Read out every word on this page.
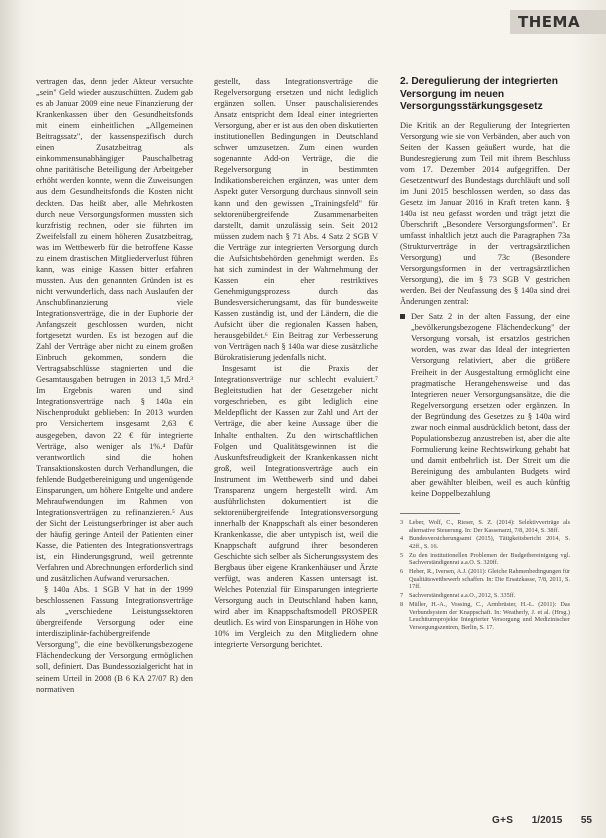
THEMA

vertragen das, denn jeder Akteur versuchte „sein" Geld wieder auszuschütten. Zudem gab es ab Januar 2009 eine neue Finanzierung der Krankenkassen über den Gesundheitsfonds mit einem einheitlichen „Allgemeinen Beitragssatz", der kassenspezifisch durch einen Zusatzbeitrag als einkommensunabhängiger Pauschalbetrag ohne paritätische Beteiligung der Arbeitgeber erhöht werden konnte, wenn die Zuweisungen aus dem Gesundheitsfonds die Kosten nicht deckten. Das heißt aber, alle Mehrkosten durch neue Versorgungsformen mussten sich kurzfristig rechnen, oder sie führten im Zweifelsfall zu einem höheren Zusatzbeitrag, was im Wettbewerb für die betroffene Kasse zu einem drastischen Mitgliederverlust führen kann, was einige Kassen bitter erfahren mussten. Aus den genannten Gründen ist es nicht verwunderlich, dass nach Auslaufen der Anschubfinanzierung viele Integrationsverträge, die in der Euphorie der Anfangszeit geschlossen wurden, nicht fortgesetzt wurden. Es ist bezogen auf die Zahl der Verträge aber nicht zu einem großen Einbruch gekommen, sondern die Vertragsabschlüsse stagnierten und die Gesamtausgaben betrugen in 2013 1,5 Mrd.³ Im Ergebnis waren und sind Integrationsverträge nach § 140a ein Nischenprodukt geblieben: In 2013 wurden pro Versichertem insgesamt 2,63 € ausgegeben, davon 22 € für integrierte Verträge, also weniger als 1%.⁴ Dafür verantwortlich sind die hohen Transaktionskosten durch Verhandlungen, die fehlende Budgetbereinigung und ungenügende Einsparungen, um höhere Entgelte und andere Mehraufwendungen im Rahmen von Integrationsverträgen zu refinanzieren.⁵ Aus der Sicht der Leistungserbringer ist aber auch der häufig geringe Anteil der Patienten einer Kasse, die Patienten des Integrationsvertrags ist, ein Hinderungsgrund, weil getrennte Verfahren und Abrechnungen erforderlich sind und zusätzlichen Aufwand verursachen.

§ 140a Abs. 1 SGB V hat in der 1999 beschlossenen Fassung Integrationsverträge als „verschiedene Leistungssektoren übergreifende Versorgung oder eine interdisziplinär-fachübergreifende Versorgung", die eine bevölkerungsbezogene Flächendeckung der Versorgung ermöglichen soll, definiert. Das Bundessozialgericht hat in seinem Urteil in 2008 (B 6 KA 27/07 R) den normativen

gestellt, dass Integrationsverträge die Regelversorgung ersetzen und nicht lediglich ergänzen sollen. Unser pauschalisierendes Ansatz entspricht dem Ideal einer integrierten Versorgung, aber er ist aus den oben diskutierten institutionellen Bedingungen in Deutschland schwer umzusetzen. Zum einen wurden sogenannte Add-on Verträge, die die Regelversorgung in bestimmten Indikationsbereichen ergänzen, was unter dem Aspekt guter Versorgung durchaus sinnvoll sein kann und den gewissen „Trainingsfeld" für sektorenübergreifende Zusammenarbeiten darstellt, damit unzulässig sein. Seit 2012 müssen zudem nach § 71 Abs. 4 Satz 2 SGB V die Verträge zur integrierten Versorgung durch die Aufsichtsbehörden genehmigt werden. Es hat sich zumindest in der Wahrnehmung der Kassen ein eher restriktives Genehmigungsprozess durch das Bundesversicherungsamt, das für bundesweite Kassen zuständig ist, und der Ländern, die die Aufsicht über die regionalen Kassen haben, herausgebildet.⁶ Ein Beitrag zur Verbesserung von Verträgen nach § 140a war diese zusätzliche Bürokratisierung jedenfalls nicht.

Insgesamt ist die Praxis der Integrationsverträge nur schlecht evaluiert.⁷ Begleitstudien hat der Gesetzgeber nicht vorgeschrieben, es gibt lediglich eine Meldepflicht der Kassen zur Zahl und Art der Verträge, die aber keine Aussage über die Inhalte enthalten. Zu den wirtschaftlichen Folgen und Qualitätsgewinnen ist die Auskunftsfreudigkeit der Krankenkassen nicht groß, weil Integrationsverträge auch ein Instrument im Wettbewerb sind und dabei Transparenz ungern hergestellt wird. Am ausführlichsten dokumentiert ist die sektorenübergreifende Integrationsversorgung innerhalb der Knappschaft als einer besonderen Krankenkasse, die aber untypisch ist, weil die Knappschaft aufgrund ihrer besonderen Geschichte sich selber als Sicherungssystem des Bergbaus über eigene Krankenhäuser und Ärzte verfügt, was anderen Kassen untersagt ist. Welches Potenzial für Einsparungen integrierte Versorgung auch in Deutschland haben kann, wird aber im Knappschaftsmodell PROSPER deutlich. Es wird von Einsparungen in Höhe von 10% im Vergleich zu den Mitgliedern ohne integrierte Versorgung berichtet.

2. Deregulierung der integrierten Versorgung im neuen Versorgungsstärkungsgesetz

Die Kritik an der Regulierung der Integrierten Versorgung wie sie von Verbänden, aber auch von Seiten der Kassen geäußert wurde, hat die Bundesregierung zum Teil mit ihrem Beschluss vom 17. Dezember 2014 aufgegriffen. Der Gesetzentwurf des Bundestags durchläuft und soll im Juni 2015 beschlossen werden, so dass das Gesetz im Januar 2016 in Kraft treten kann. § 140a ist neu gefasst worden und trägt jetzt die Überschrift „Besondere Versorgungsformen". Er umfasst inhaltlich jetzt auch die Paragraphen 73a (Strukturverträge in der vertragsärztlichen Versorgung) und 73c (Besondere Versorgungsformen in der vertragsärztlichen Versorgung), die im § 73 SGB V gestrichen werden. Bei der Neufassung des § 140a sind drei Änderungen zentral:

Der Satz 2 in der alten Fassung, der eine „bevölkerungsbezogene Flächendeckung" der Versorgung vorsah, ist ersatzlos gestrichen worden, was zwar das Ideal der integrierten Versorgung relativiert, aber die größere Freiheit in der Ausgestaltung ermöglicht eine pragmatische Herangehensweise und das Integrieren neuer Versorgungsansätze, die die Regelversorgung ersetzen oder ergänzen. In der Begründung des Gesetzes zu § 140a wird zwar noch einmal ausdrücklich betont, dass der Populationsbezug anzustreben ist, aber die alte Formulierung keine Rechtswirkung gehabt hat und damit entbehrlich ist. Der Streit um die Bereinigung des ambulanten Budgets wird aber gewählter bleiben, weil es auch künftig keine Doppelbezahlung
3 Leber, Wolf, C., Rieser, S. Z. (2014): Selektivverträge als alternative Steuerung. In: Der Kassenarzt, 7/8, 2014, S. 38ff.
4 Bundesversicherungsamt (2015), Tätigkeitsbericht 2014, S. 42ff., S. 16.
5 Zu den institutionellen Problemen der Budgetbereinigung vgl. Sachverständigenrat a.a.O. S. 320ff.
6 Heber, R., Iversen, A.J. (2011): Gleiche Rahmenbedingungen für Qualitätswettbewerb schaffen. In: Die Ersatzkasse, 7/8, 2011, S. 17ff.
7 Sachverständigenrat a.a.O., 2012, S. 335ff.
8 Müller, H.-A., Vossing, C., Armbrüster, H.-L. (2011): Das Verbundsystem der Knappschaft. In: Weatherly, J. et al. (Hrsg.) Leuchtturmprojekte Integrierter Versorgung und Medizinischer Versorgungszentren, Berlin, S. 17.
G+S 1/2015 55
